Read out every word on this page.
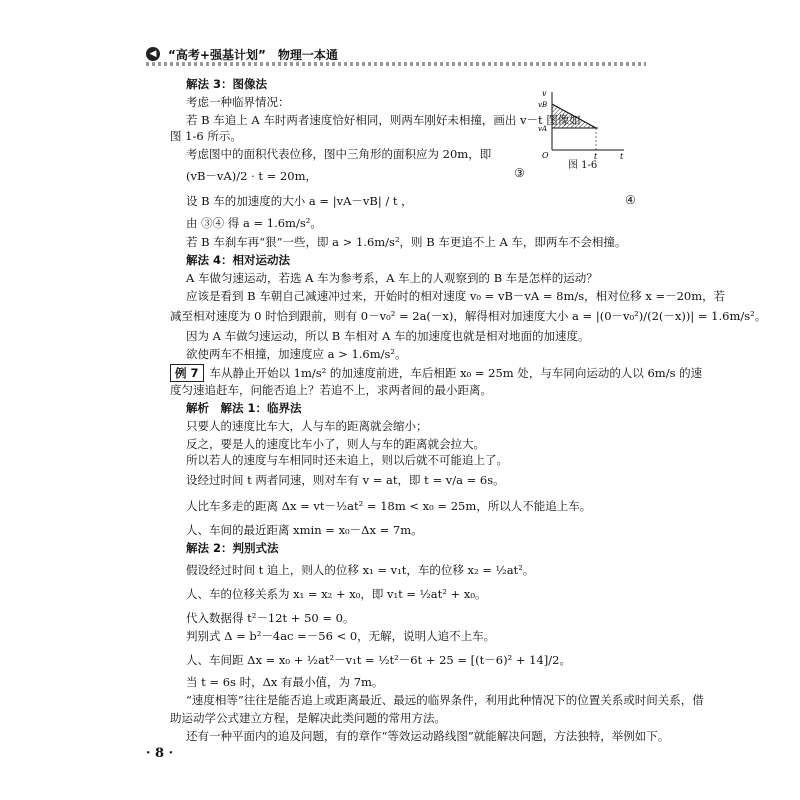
◀ “高考+强基计划”　物理一本通
v
vB
vA
O	t	t
图 1-6
解法 3：图像法
考虑一种临界情况：
若 B 车追上 A 车时两者速度恰好相同，则两车刚好未相撞，画出 v－t 图像如
图 1-6 所示。
考虑图中的面积代表位移，图中三角形的面积应为 20m，即
(vB－vA)/2 · t = 20m，	③
设 B 车的加速度的大小 a = |vA－vB| / t ，	④
由 ③④ 得 a = 1.6m/s²。
若 B 车刹车再“狠”一些，即 a > 1.6m/s²，则 B 车更追不上 A 车，即两车不会相撞。
解法 4：相对运动法
A 车做匀速运动，若选 A 车为参考系，A 车上的人观察到的 B 车是怎样的运动？
应该是看到 B 车朝自己减速冲过来，开始时的相对速度 v₀ = vB－vA = 8m/s，相对位移 x =－20m，若
减至相对速度为 0 时恰到跟前，则有 0－v₀² = 2a(－x)，解得相对加速度大小 a = |(0－v₀²)/(2(－x))| = 1.6m/s²。
因为 A 车做匀速运动，所以 B 车相对 A 车的加速度也就是相对地面的加速度。
欲使两车不相撞，加速度应 a > 1.6m/s²。
例 7 车从静止开始以 1m/s² 的加速度前进，车后相距 x₀ = 25m 处，与车同向运动的人以 6m/s 的速
度匀速追赶车，问能否追上？若追不上，求两者间的最小距离。
解析　解法 1：临界法
只要人的速度比车大，人与车的距离就会缩小；
反之，要是人的速度比车小了，则人与车的距离就会拉大。
所以若人的速度与车相同时还未追上，则以后就不可能追上了。
设经过时间 t 两者同速，则对车有 v = at，即 t = v/a = 6s。
人比车多走的距离 Δx = vt－½at² = 18m < x₀ = 25m，所以人不能追上车。
人、车间的最近距离 xmin = x₀－Δx = 7m。
解法 2：判别式法
假设经过时间 t 追上，则人的位移 x₁ = v₁t，车的位移 x₂ = ½at²。
人、车的位移关系为 x₁ = x₂ + x₀，即 v₁t = ½at² + x₀。
代入数据得 t²－12t + 50 = 0。
判别式 Δ = b²－4ac =－56 < 0，无解，说明人追不上车。
人、车间距 Δx = x₀ + ½at²－v₁t = ½t²－6t + 25 = [(t－6)² + 14]/2。
当 t = 6s 时，Δx 有最小值，为 7m。
“速度相等”往往是能否追上或距离最近、最远的临界条件，利用此种情况下的位置关系或时间关系，借
助运动学公式建立方程，是解决此类问题的常用方法。
还有一种平面内的追及问题，有的章作“等效运动路线图”就能解决问题，方法独特，举例如下。
· 8 ·
